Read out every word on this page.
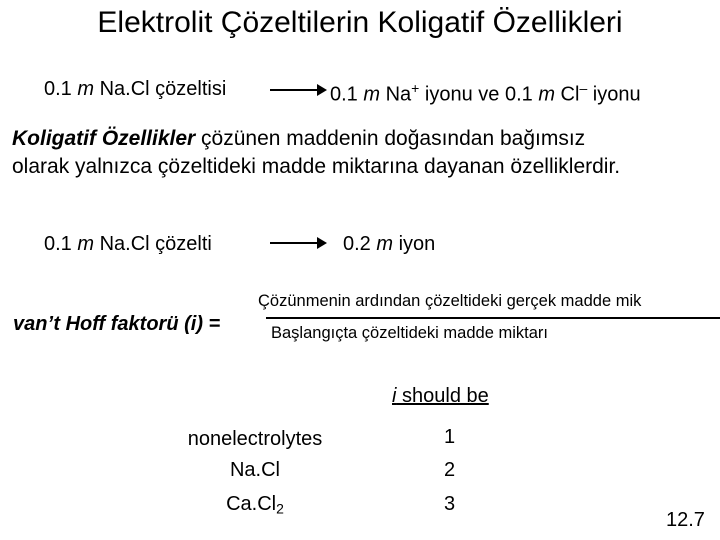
Elektrolit Çözeltilerin Koligatif Özellikleri
0.1 m Na.Cl çözeltisi	0.1 m Na+ iyonu ve 0.1 m Cl– iyonu
Koligatif Özellikler çözünen maddenin doğasından bağımsız
olarak yalnızca çözeltideki madde miktarına dayanan özelliklerdir.
0.1 m Na.Cl çözelti	0.2 m iyon
van’t Hoff faktorü (i) =
Çözünmenin ardından çözeltideki gerçek madde mik
Başlangıçta çözeltideki madde miktarı
i should be
nonelectrolytes
Na.Cl
$Ca.Cl_2$
1
2
3
12.7
